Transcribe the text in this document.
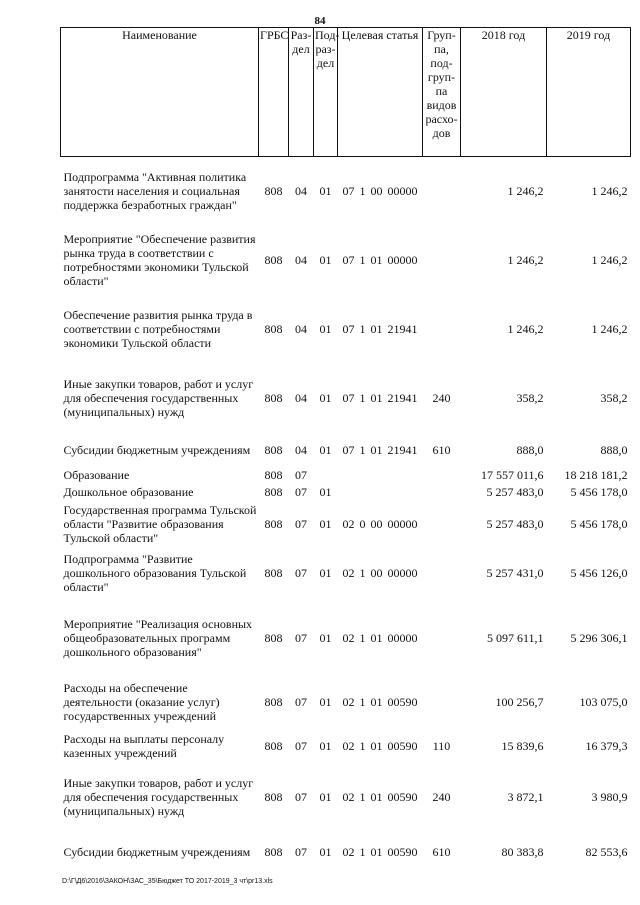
84
Наименование	ГРБС	Раз-дел	Под-раз-дел	Целевая статья	Груп-па, под-груп-па видов расхо-дов	2018 год	2019 год
Подпрограмма "Активная политика занятости населения и социальная поддержка безработных граждан"	808	04	01	07 1 00 00000		1 246,2	1 246,2
Мероприятие "Обеспечение развития рынка труда в соответствии с потребностями экономики Тульской области"	808	04	01	07 1 01 00000		1 246,2	1 246,2
Обеспечение развития рынка труда в соответствии с потребностями экономики Тульской области	808	04	01	07 1 01 21941		1 246,2	1 246,2
Иные закупки товаров, работ и услуг для обеспечения государственных (муниципальных) нужд	808	04	01	07 1 01 21941	240	358,2	358,2
Субсидии бюджетным учреждениям	808	04	01	07 1 01 21941	610	888,0	888,0
Образование	808	07				17 557 011,6	18 218 181,2
Дошкольное образование	808	07	01			5 257 483,0	5 456 178,0
Государственная программа Тульской области "Развитие образования Тульской области"	808	07	01	02 0 00 00000		5 257 483,0	5 456 178,0
Подпрограмма "Развитие дошкольного образования Тульской области"	808	07	01	02 1 00 00000		5 257 431,0	5 456 126,0
Мероприятие "Реализация основных общеобразовательных программ дошкольного образования"	808	07	01	02 1 01 00000		5 097 611,1	5 296 306,1
Расходы на обеспечение деятельности (оказание услуг) государственных учреждений	808	07	01	02 1 01 00590		100 256,7	103 075,0
Расходы на выплаты персоналу казенных учреждений	808	07	01	02 1 01 00590	110	15 839,6	16 379,3
Иные закупки товаров, работ и услуг для обеспечения государственных (муниципальных) нужд	808	07	01	02 1 01 00590	240	3 872,1	3 980,9
Субсидии бюджетным учреждениям	808	07	01	02 1 01 00590	610	80 383,8	82 553,6
D:\Г\Д6\2016\ЗАКОН\ЗАС_35\Бюджет ТО 2017-2019_3 чт\pr13.xls
